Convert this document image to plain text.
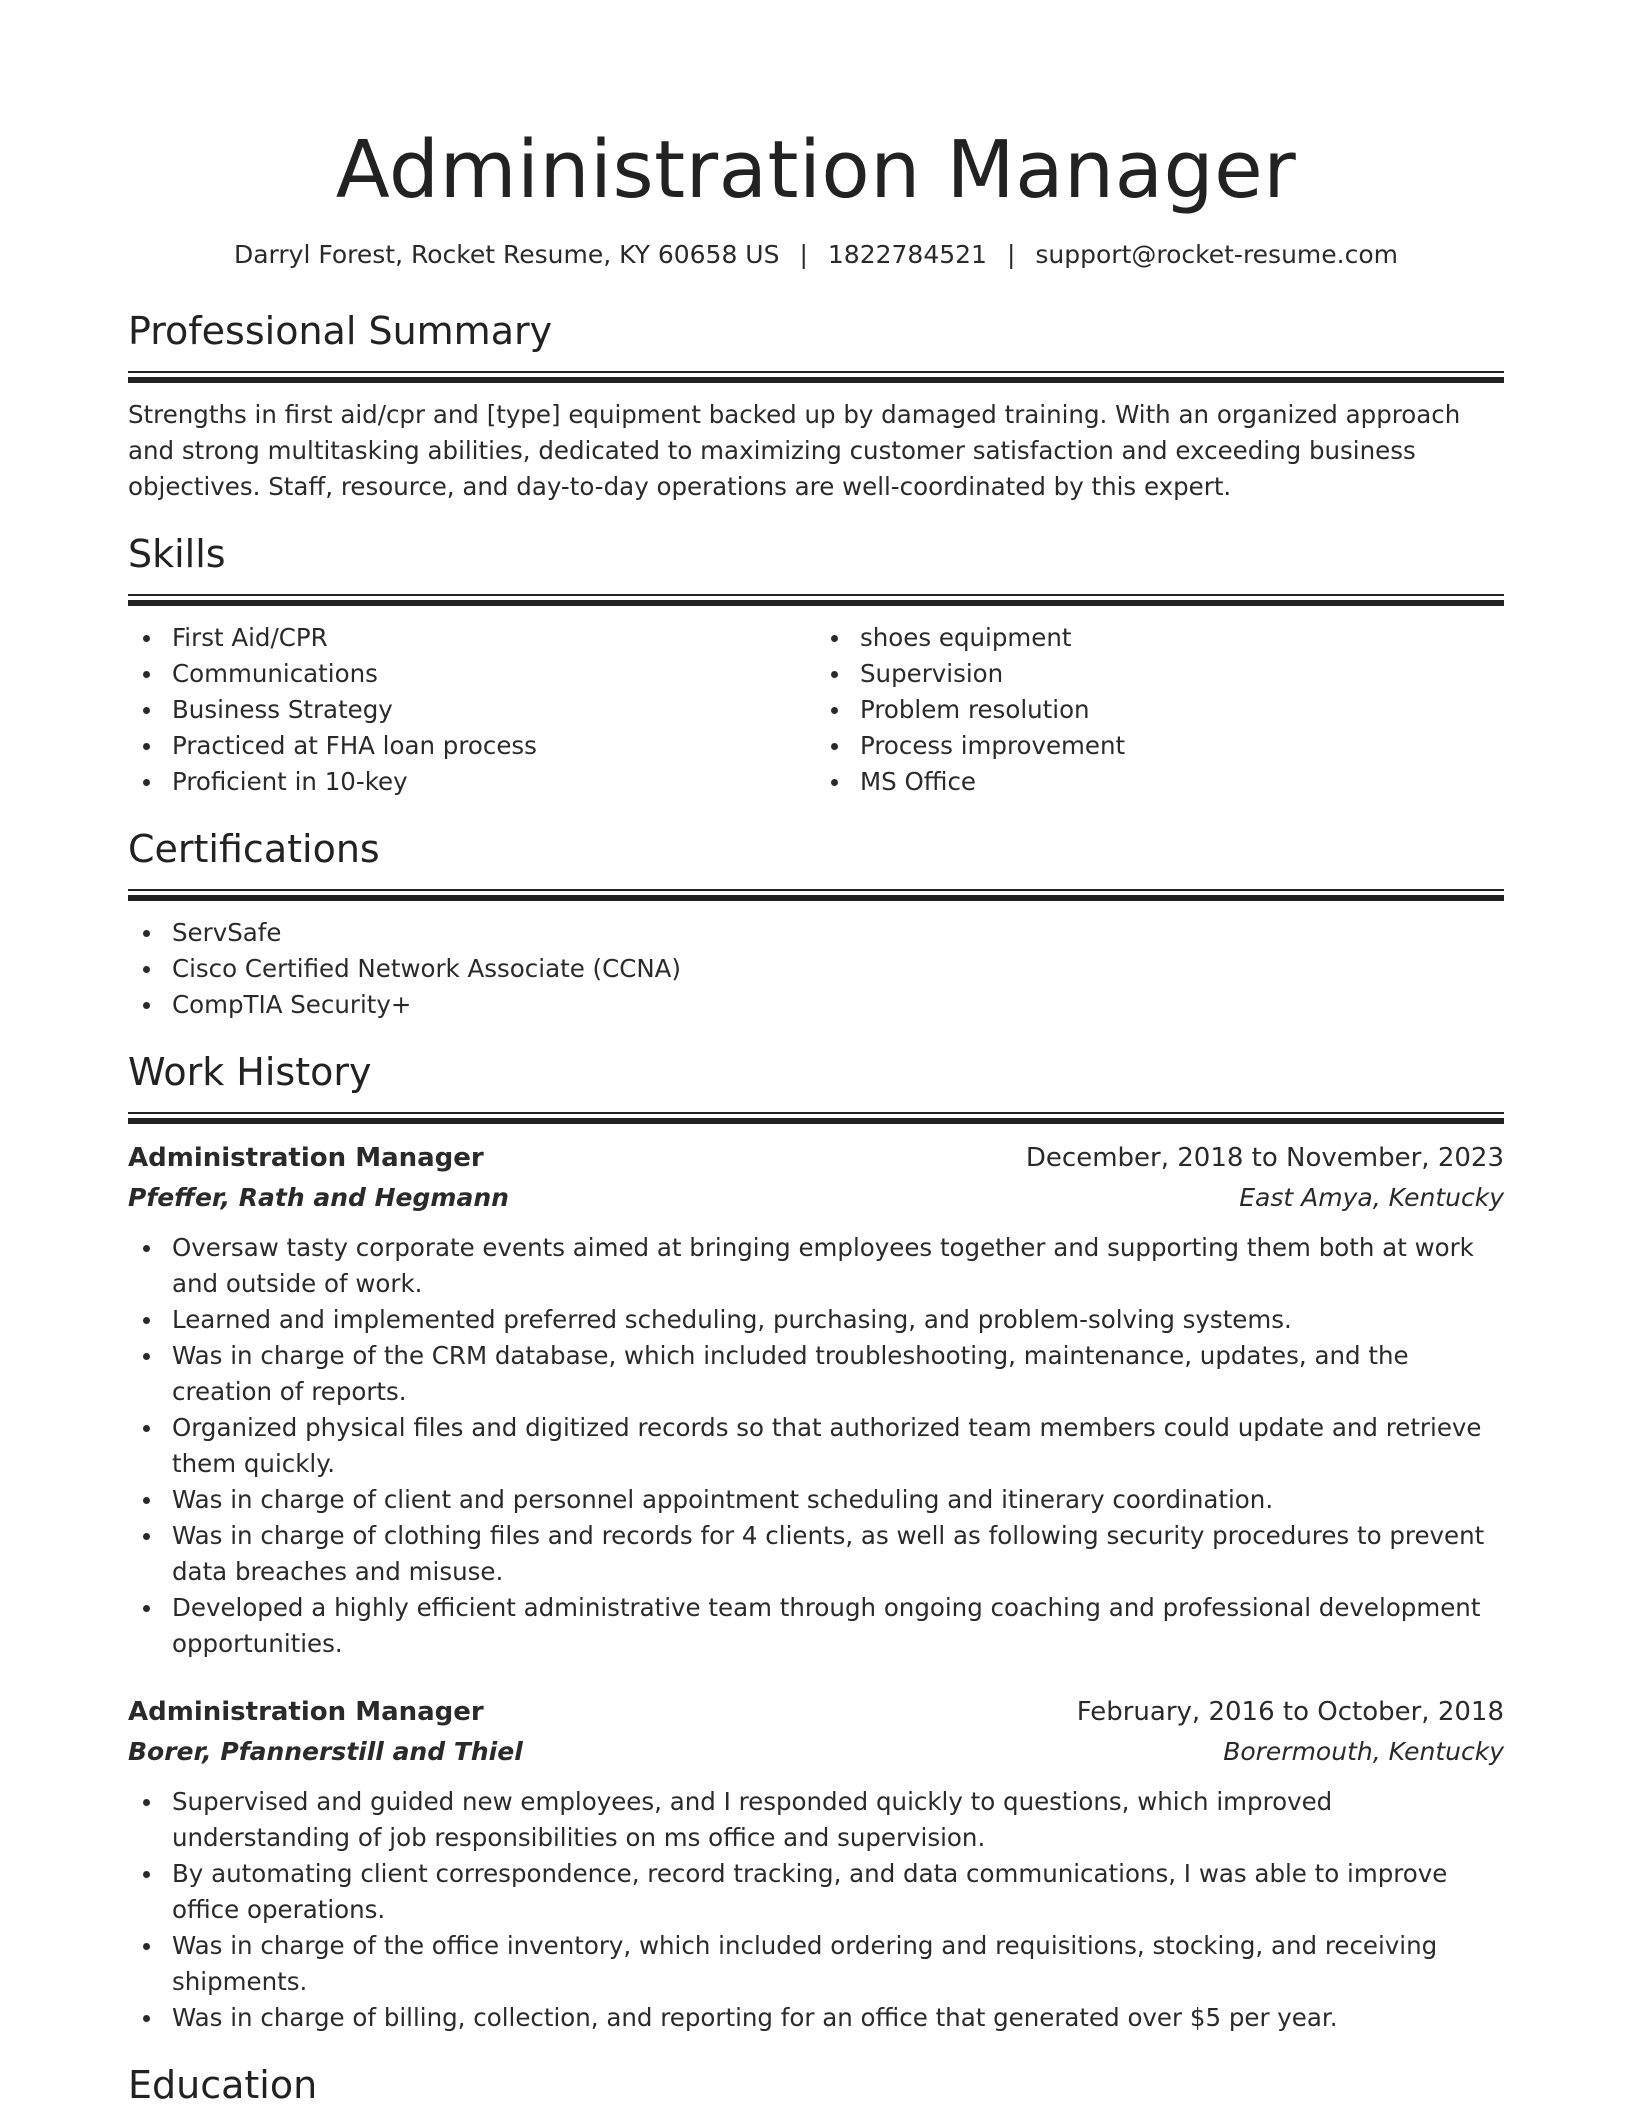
Administration Manager
Darryl Forest, Rocket Resume, KY 60658 US | 1822784521 | support@rocket-resume.com
Professional Summary

Strengths in first aid/cpr and [type] equipment backed up by damaged training. With an organized approach and strong multitasking abilities, dedicated to maximizing customer satisfaction and exceeding business objectives. Staff, resource, and day-to-day operations are well-coordinated by this expert.

Skills
First Aid/CPR
Communications
Business Strategy
Practiced at FHA loan process
Proficient in 10-key
shoes equipment
Supervision
Problem resolution
Process improvement
MS Office
Certifications
ServSafe
Cisco Certified Network Associate (CCNA)
CompTIA Security+
Work History
Administration Manager	December, 2018 to November, 2023
Pfeffer, Rath and Hegmann	East Amya, Kentucky
Oversaw tasty corporate events aimed at bringing employees together and supporting them both at work and outside of work.
Learned and implemented preferred scheduling, purchasing, and problem-solving systems.
Was in charge of the CRM database, which included troubleshooting, maintenance, updates, and the creation of reports.
Organized physical files and digitized records so that authorized team members could update and retrieve them quickly.
Was in charge of client and personnel appointment scheduling and itinerary coordination.
Was in charge of clothing files and records for 4 clients, as well as following security procedures to prevent data breaches and misuse.
Developed a highly efficient administrative team through ongoing coaching and professional development opportunities.
Administration Manager	February, 2016 to October, 2018
Borer, Pfannerstill and Thiel	Borermouth, Kentucky
Supervised and guided new employees, and I responded quickly to questions, which improved understanding of job responsibilities on ms office and supervision.
By automating client correspondence, record tracking, and data communications, I was able to improve office operations.
Was in charge of the office inventory, which included ordering and requisitions, stocking, and receiving shipments.
Was in charge of billing, collection, and reporting for an office that generated over $5 per year.
Education
